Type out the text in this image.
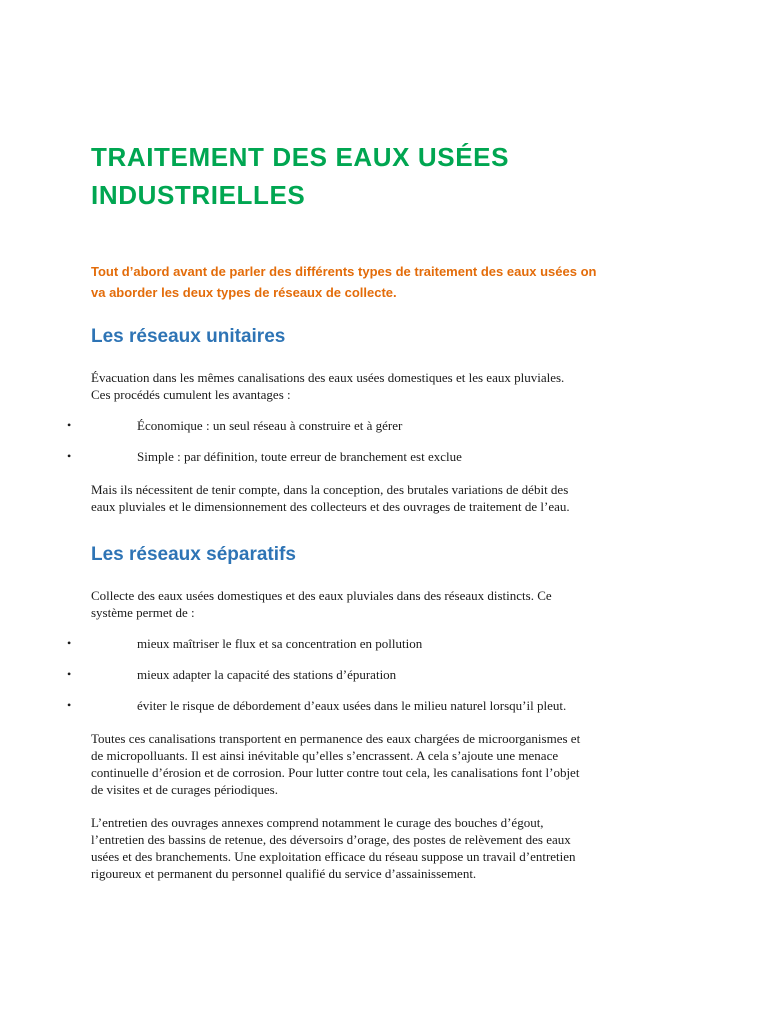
TRAITEMENT DES EAUX USÉES
INDUSTRIELLES

Tout d’abord avant de parler des différents types de traitement des eaux usées on
va aborder les deux types de réseaux de collecte.

Les réseaux unitaires

Évacuation dans les mêmes canalisations des eaux usées domestiques et les eaux pluviales.
Ces procédés cumulent les avantages :

•	Économique : un seul réseau à construire et à gérer
•	Simple : par définition, toute erreur de branchement est exclue

Mais ils nécessitent de tenir compte, dans la conception, des brutales variations de débit des
eaux pluviales et le dimensionnement des collecteurs et des ouvrages de traitement de l’eau.

Les réseaux séparatifs

Collecte des eaux usées domestiques et des eaux pluviales dans des réseaux distincts. Ce
système permet de :

•	mieux maîtriser le flux et sa concentration en pollution
•	mieux adapter la capacité des stations d’épuration
•	éviter le risque de débordement d’eaux usées dans le milieu naturel lorsqu’il pleut.

Toutes ces canalisations transportent en permanence des eaux chargées de microorganismes et
de micropolluants. Il est ainsi inévitable qu’elles s’encrassent. A cela s’ajoute une menace
continuelle d’érosion et de corrosion. Pour lutter contre tout cela, les canalisations font l’objet
de visites et de curages périodiques.

L’entretien des ouvrages annexes comprend notamment le curage des bouches d’égout,
l’entretien des bassins de retenue, des déversoirs d’orage, des postes de relèvement des eaux
usées et des branchements. Une exploitation efficace du réseau suppose un travail d’entretien
rigoureux et permanent du personnel qualifié du service d’assainissement.
